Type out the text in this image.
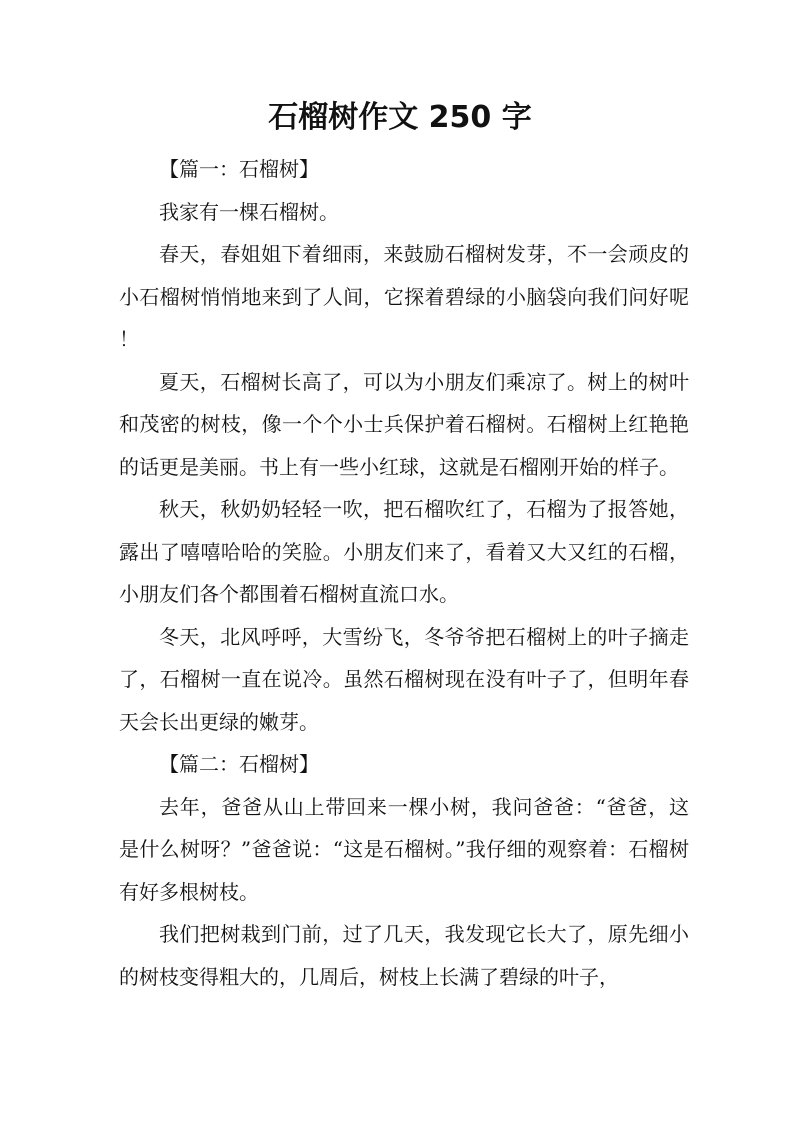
石榴树作文 250 字

【篇一：石榴树】

我家有一棵石榴树。

春天，春姐姐下着细雨，来鼓励石榴树发芽，不一会顽皮的小石榴树悄悄地来到了人间，它探着碧绿的小脑袋向我们问好呢！

夏天，石榴树长高了，可以为小朋友们乘凉了。树上的树叶和茂密的树枝，像一个个小士兵保护着石榴树。石榴树上红艳艳的话更是美丽。书上有一些小红球，这就是石榴刚开始的样子。

秋天，秋奶奶轻轻一吹，把石榴吹红了，石榴为了报答她，露出了嘻嘻哈哈的笑脸。小朋友们来了，看着又大又红的石榴，小朋友们各个都围着石榴树直流口水。

冬天，北风呼呼，大雪纷飞，冬爷爷把石榴树上的叶子摘走了，石榴树一直在说冷。虽然石榴树现在没有叶子了，但明年春天会长出更绿的嫩芽。

【篇二：石榴树】

去年，爸爸从山上带回来一棵小树，我问爸爸：“爸爸，这是什么树呀？”爸爸说：“这是石榴树。”我仔细的观察着：石榴树有好多根树枝。

我们把树栽到门前，过了几天，我发现它长大了，原先细小的树枝变得粗大的，几周后，树枝上长满了碧绿的叶子，
